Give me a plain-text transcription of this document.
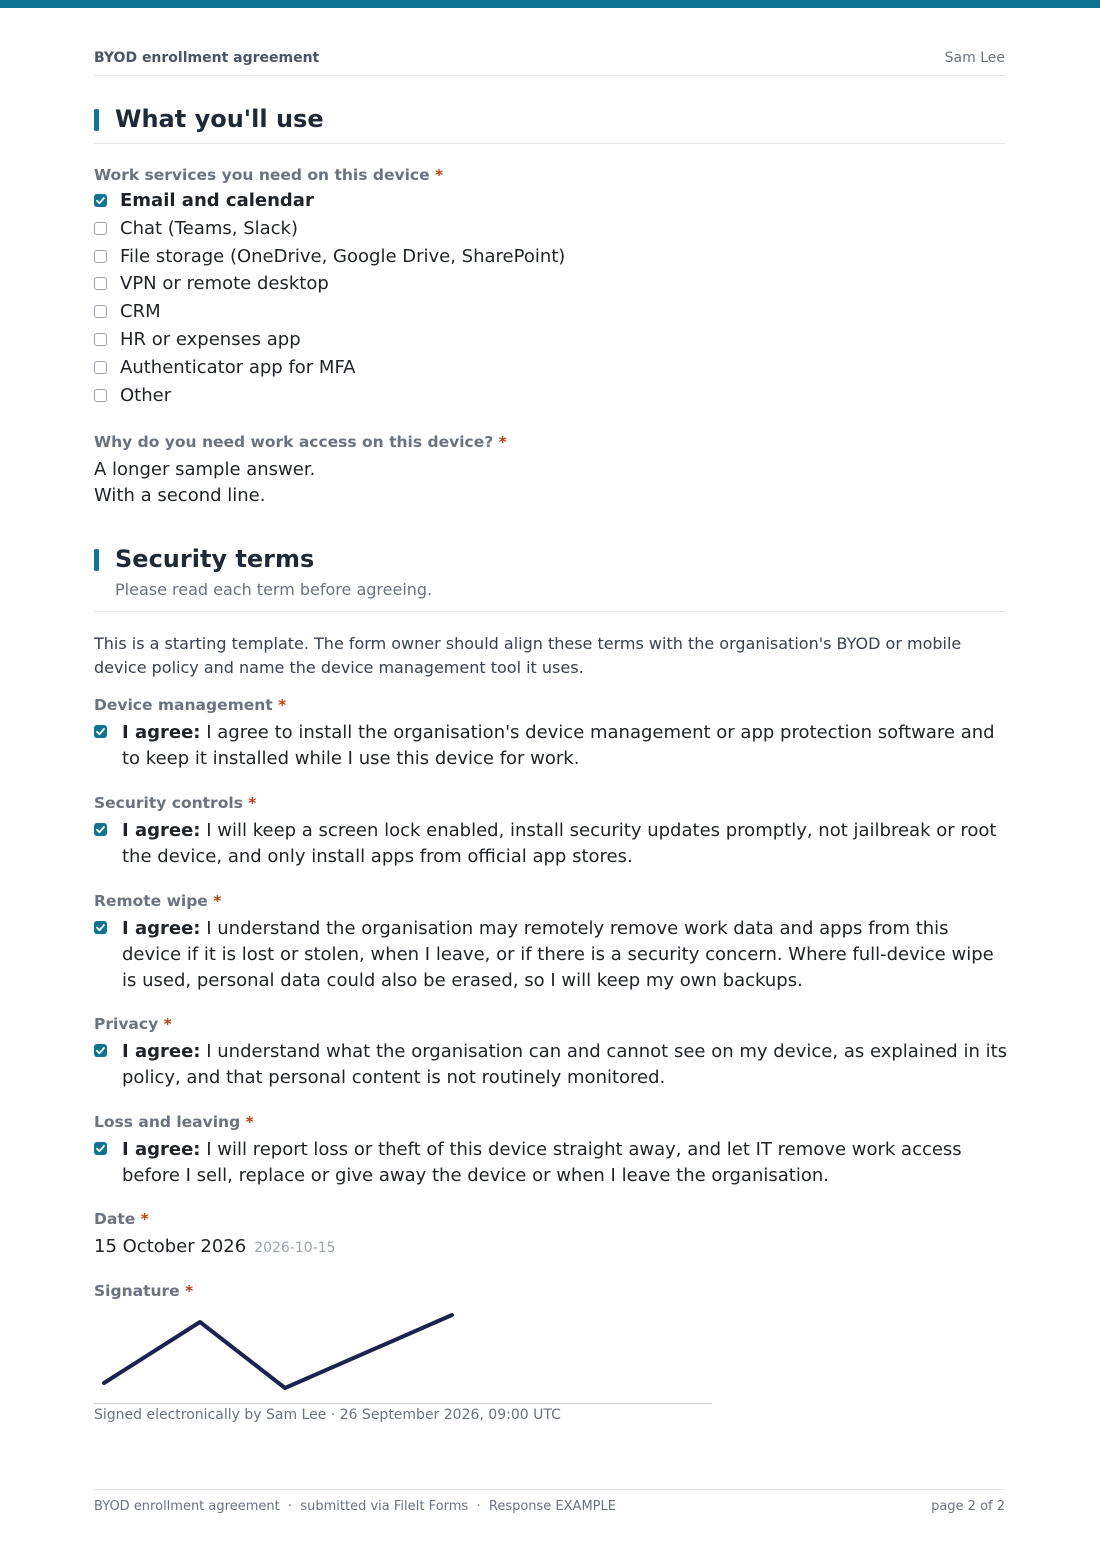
BYOD enrollment agreement	Sam Lee
What you'll use
Work services you need on this device *
Email and calendar
Chat (Teams, Slack)
File storage (OneDrive, Google Drive, SharePoint)
VPN or remote desktop
CRM
HR or expenses app
Authenticator app for MFA
Other
Why do you need work access on this device? *
A longer sample answer.
With a second line.
Security terms
Please read each term before agreeing.
This is a starting template. The form owner should align these terms with the organisation's BYOD or mobile device policy and name the device management tool it uses.
Device management *
I agree: I agree to install the organisation's device management or app protection software and to keep it installed while I use this device for work.
Security controls *
I agree: I will keep a screen lock enabled, install security updates promptly, not jailbreak or root the device, and only install apps from official app stores.
Remote wipe *
I agree: I understand the organisation may remotely remove work data and apps from this device if it is lost or stolen, when I leave, or if there is a security concern. Where full-device wipe is used, personal data could also be erased, so I will keep my own backups.
Privacy *
I agree: I understand what the organisation can and cannot see on my device, as explained in its policy, and that personal content is not routinely monitored.
Loss and leaving *
I agree: I will report loss or theft of this device straight away, and let IT remove work access before I sell, replace or give away the device or when I leave the organisation.
Date *
15 October 2026 2026-10-15
Signature *
Signed electronically by Sam Lee · 26 September 2026, 09:00 UTC
BYOD enrollment agreement  ·  submitted via FileIt Forms  ·  Response EXAMPLE	page 2 of 2
